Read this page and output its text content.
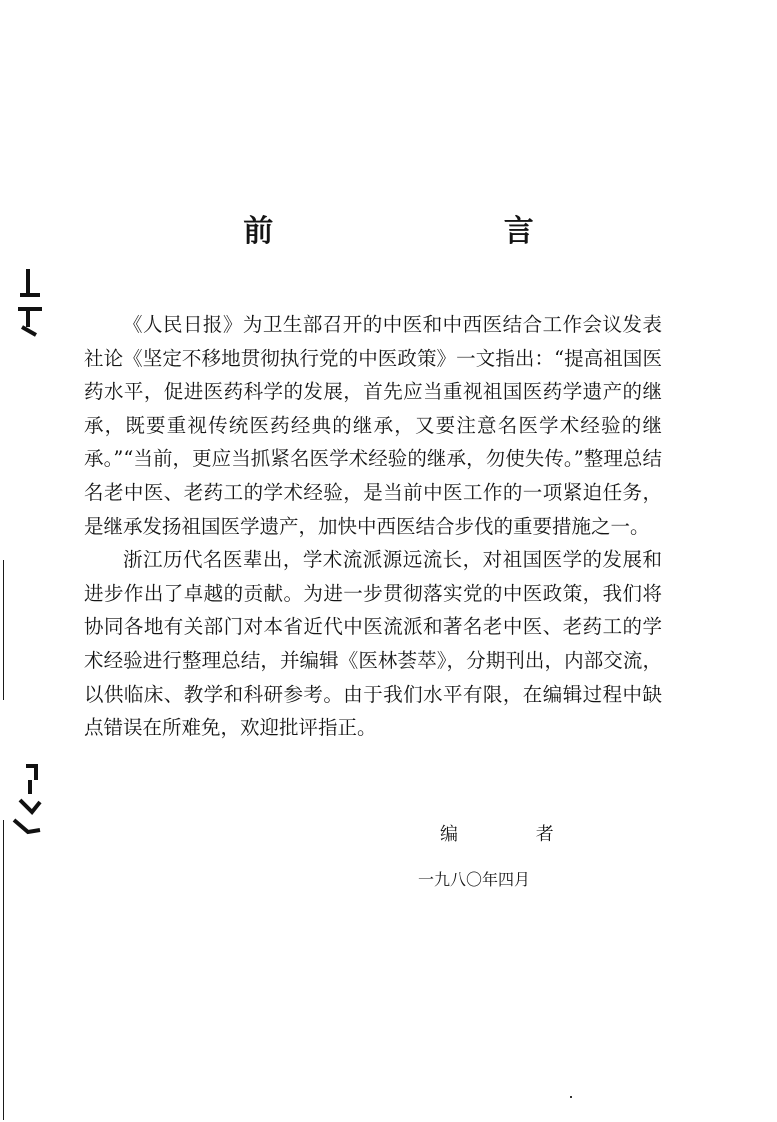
前 言

《人民日报》为卫生部召开的中医和中西医结合工作会议发表社论《坚定不移地贯彻执行党的中医政策》一文指出：“提高祖国医药水平，促进医药科学的发展，首先应当重视祖国医药学遗产的继承，既要重视传统医药经典的继承，又要注意名医学术经验的继承。”“当前，更应当抓紧名医学术经验的继承，勿使失传。”整理总结名老中医、老药工的学术经验，是当前中医工作的一项紧迫任务，是继承发扬祖国医学遗产，加快中西医结合步伐的重要措施之一。

浙江历代名医辈出，学术流派源远流长，对祖国医学的发展和进步作出了卓越的贡献。为进一步贯彻落实党的中医政策，我们将协同各地有关部门对本省近代中医流派和著名老中医、老药工的学术经验进行整理总结，并编辑《医林荟萃》，分期刊出，内部交流，以供临床、教学和科研参考。由于我们水平有限，在编辑过程中缺点错误在所难免，欢迎批评指正。

编 者
一九八〇年四月
